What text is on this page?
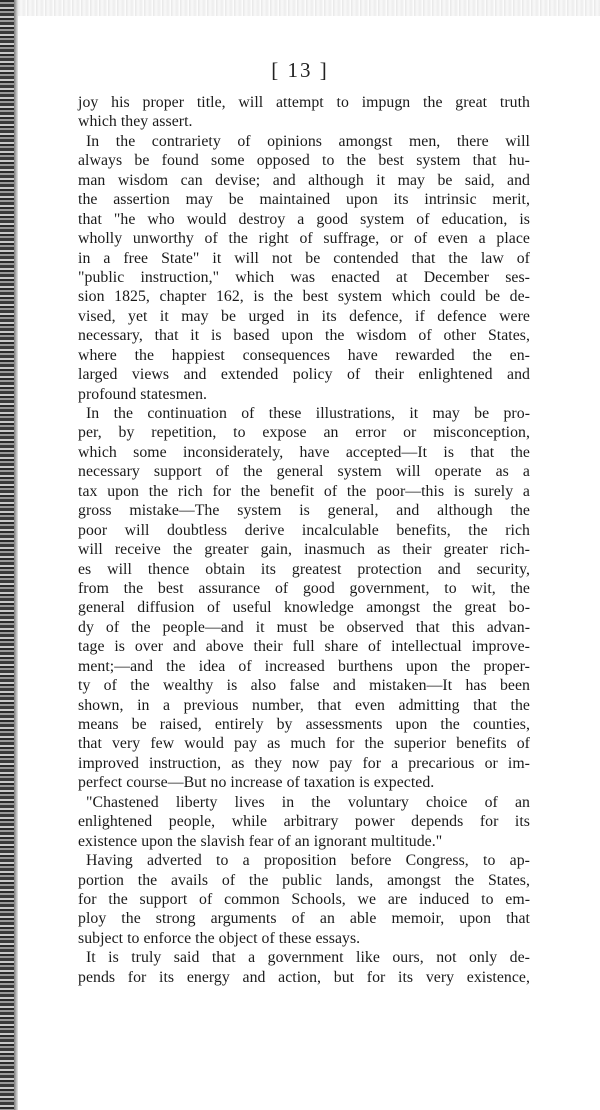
[ 13 ]
joy his proper title, will attempt to impugn the great truth
which they assert.
In the contrariety of opinions amongst men, there will
always be found some opposed to the best system that hu-
man wisdom can devise; and although it may be said, and
the assertion may be maintained upon its intrinsic merit,
that "he who would destroy a good system of education, is
wholly unworthy of the right of suffrage, or of even a place
in a free State" it will not be contended that the law of
"public instruction," which was enacted at December ses-
sion 1825, chapter 162, is the best system which could be de-
vised, yet it may be urged in its defence, if defence were
necessary, that it is based upon the wisdom of other States,
where the happiest consequences have rewarded the en-
larged views and extended policy of their enlightened and
profound statesmen.
In the continuation of these illustrations, it may be pro-
per, by repetition, to expose an error or misconception,
which some inconsiderately, have accepted—It is that the
necessary support of the general system will operate as a
tax upon the rich for the benefit of the poor—this is surely a
gross mistake—The system is general, and although the
poor will doubtless derive incalculable benefits, the rich
will receive the greater gain, inasmuch as their greater rich-
es will thence obtain its greatest protection and security,
from the best assurance of good government, to wit, the
general diffusion of useful knowledge amongst the great bo-
dy of the people—and it must be observed that this advan-
tage is over and above their full share of intellectual improve-
ment;—and the idea of increased burthens upon the proper-
ty of the wealthy is also false and mistaken—It has been
shown, in a previous number, that even admitting that the
means be raised, entirely by assessments upon the counties,
that very few would pay as much for the superior benefits of
improved instruction, as they now pay for a precarious or im-
perfect course—But no increase of taxation is expected.
"Chastened liberty lives in the voluntary choice of an
enlightened people, while arbitrary power depends for its
existence upon the slavish fear of an ignorant multitude."
Having adverted to a proposition before Congress, to ap-
portion the avails of the public lands, amongst the States,
for the support of common Schools, we are induced to em-
ploy the strong arguments of an able memoir, upon that
subject to enforce the object of these essays.
It is truly said that a government like ours, not only de-
pends for its energy and action, but for its very existence,
